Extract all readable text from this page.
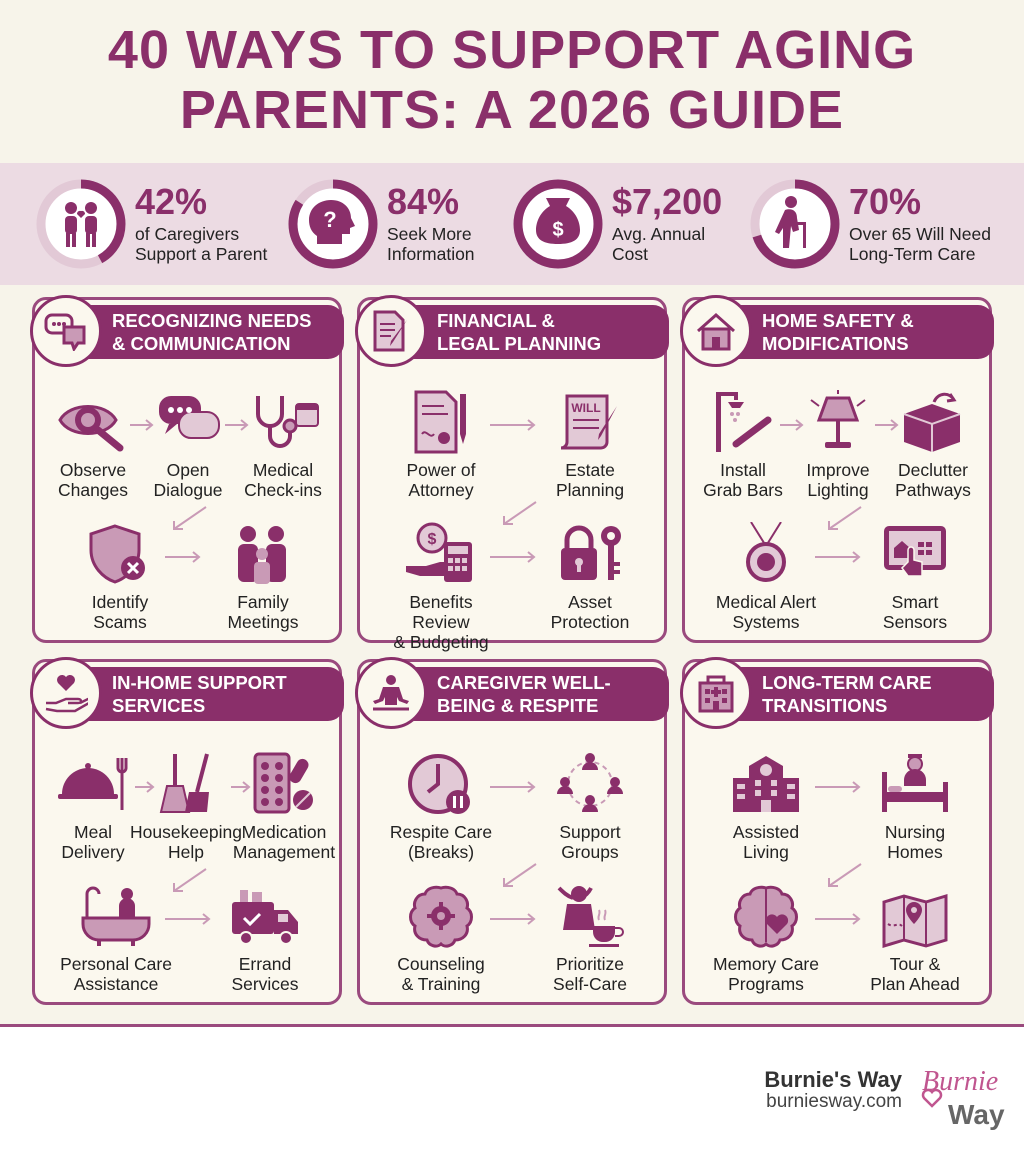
40 WAYS TO SUPPORT AGING PARENTS: A 2026 GUIDE
42%
of Caregivers
Support a Parent
? 84%
Seek More
Information
$
$7,200
Avg. Annual
Cost
70%
Over 65 Will Need
Long-Term Care
RECOGNIZING NEEDS
& COMMUNICATION
Observe
Changes
Open
Dialogue
Medical
Check-ins
Identify
Scams
Family
Meetings
FINANCIAL &
LEGAL PLANNING
Power of
Attorney
WILL
Estate
Planning
$
Benefits Review
& Budgeting
Asset
Protection
HOME SAFETY &
MODIFICATIONS
Install
Grab Bars
Improve
Lighting
Declutter
Pathways
Medical Alert
Systems
Smart
Sensors
IN-HOME SUPPORT
SERVICES
Meal
Delivery
Housekeeping
Help
Medication
Management
Personal Care
Assistance
Errand
Services
CAREGIVER WELL-
BEING & RESPITE
Respite Care
(Breaks)
Support
Groups
Counseling
& Training
Prioritize
Self-Care
LONG-TERM CARE
TRANSITIONS
Assisted
Living
Nursing
Homes
Memory Care
Programs
Tour &
Plan Ahead
Burnie's Way
burniesway.com
Burnie
Way
